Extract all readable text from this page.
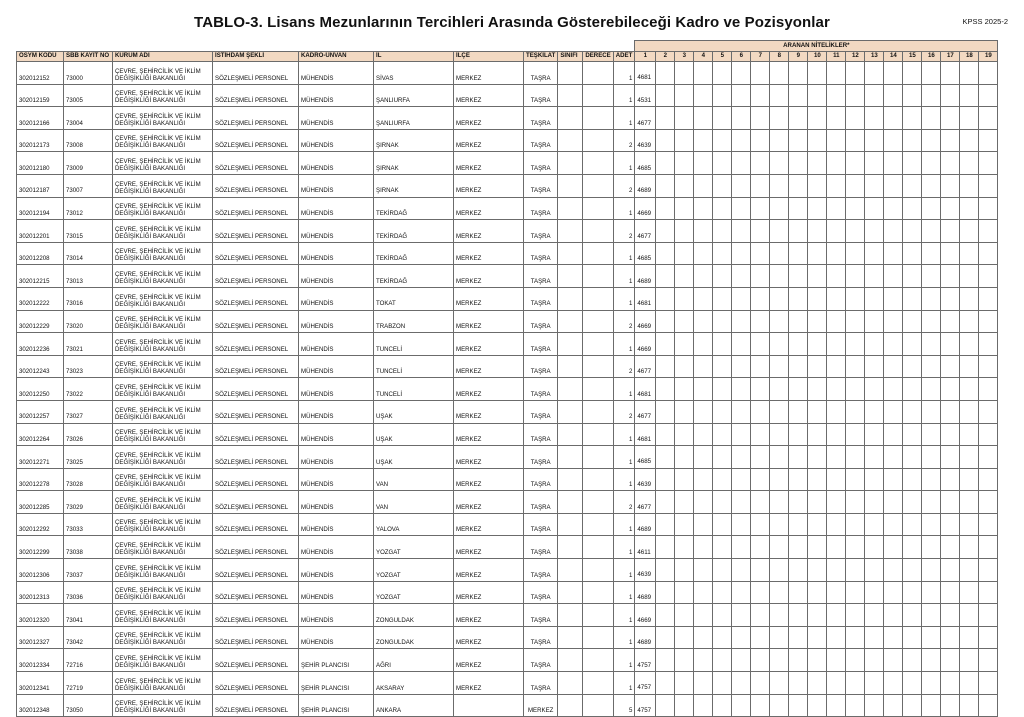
TABLO-3. Lisans Mezunlarının Tercihleri Arasında Gösterebileceği Kadro ve Pozisyonlar	KPSS 2025-2
											ARANAN NİTELİKLER*																		
ÖSYM KODU	SBB KAYIT NO	KURUM ADI	İSTİHDAM ŞEKLİ	KADRO-ÜNVAN	İL	İLÇE	TEŞKİLAT	SINIFI	DERECE	ADET	1	2	3	4	5	6	7	8	9	10	11	12	13	14	15	16	17	18	19
302012152	73000	ÇEVRE, ŞEHİRCİLİK VE İKLİM
DEĞİŞİKLİĞİ BAKANLIĞI	SÖZLEŞMELİ PERSONEL	MÜHENDİS	SİVAS	MERKEZ	TAŞRA			1	4681																		
302012159	73005	ÇEVRE, ŞEHİRCİLİK VE İKLİM
DEĞİŞİKLİĞİ BAKANLIĞI	SÖZLEŞMELİ PERSONEL	MÜHENDİS	ŞANLIURFA	MERKEZ	TAŞRA			1	4531																		
302012166	73004	ÇEVRE, ŞEHİRCİLİK VE İKLİM
DEĞİŞİKLİĞİ BAKANLIĞI	SÖZLEŞMELİ PERSONEL	MÜHENDİS	ŞANLIURFA	MERKEZ	TAŞRA			1	4677																		
302012173	73008	ÇEVRE, ŞEHİRCİLİK VE İKLİM
DEĞİŞİKLİĞİ BAKANLIĞI	SÖZLEŞMELİ PERSONEL	MÜHENDİS	ŞIRNAK	MERKEZ	TAŞRA			2	4639																		
302012180	73009	ÇEVRE, ŞEHİRCİLİK VE İKLİM
DEĞİŞİKLİĞİ BAKANLIĞI	SÖZLEŞMELİ PERSONEL	MÜHENDİS	ŞIRNAK	MERKEZ	TAŞRA			1	4685																		
302012187	73007	ÇEVRE, ŞEHİRCİLİK VE İKLİM
DEĞİŞİKLİĞİ BAKANLIĞI	SÖZLEŞMELİ PERSONEL	MÜHENDİS	ŞIRNAK	MERKEZ	TAŞRA			2	4689																		
302012194	73012	ÇEVRE, ŞEHİRCİLİK VE İKLİM
DEĞİŞİKLİĞİ BAKANLIĞI	SÖZLEŞMELİ PERSONEL	MÜHENDİS	TEKİRDAĞ	MERKEZ	TAŞRA			1	4669																		
302012201	73015	ÇEVRE, ŞEHİRCİLİK VE İKLİM
DEĞİŞİKLİĞİ BAKANLIĞI	SÖZLEŞMELİ PERSONEL	MÜHENDİS	TEKİRDAĞ	MERKEZ	TAŞRA			2	4677																		
302012208	73014	ÇEVRE, ŞEHİRCİLİK VE İKLİM
DEĞİŞİKLİĞİ BAKANLIĞI	SÖZLEŞMELİ PERSONEL	MÜHENDİS	TEKİRDAĞ	MERKEZ	TAŞRA			1	4685																		
302012215	73013	ÇEVRE, ŞEHİRCİLİK VE İKLİM
DEĞİŞİKLİĞİ BAKANLIĞI	SÖZLEŞMELİ PERSONEL	MÜHENDİS	TEKİRDAĞ	MERKEZ	TAŞRA			1	4689																		
302012222	73016	ÇEVRE, ŞEHİRCİLİK VE İKLİM
DEĞİŞİKLİĞİ BAKANLIĞI	SÖZLEŞMELİ PERSONEL	MÜHENDİS	TOKAT	MERKEZ	TAŞRA			1	4681																		
302012229	73020	ÇEVRE, ŞEHİRCİLİK VE İKLİM
DEĞİŞİKLİĞİ BAKANLIĞI	SÖZLEŞMELİ PERSONEL	MÜHENDİS	TRABZON	MERKEZ	TAŞRA			2	4669																		
302012236	73021	ÇEVRE, ŞEHİRCİLİK VE İKLİM
DEĞİŞİKLİĞİ BAKANLIĞI	SÖZLEŞMELİ PERSONEL	MÜHENDİS	TUNCELİ	MERKEZ	TAŞRA			1	4669																		
302012243	73023	ÇEVRE, ŞEHİRCİLİK VE İKLİM
DEĞİŞİKLİĞİ BAKANLIĞI	SÖZLEŞMELİ PERSONEL	MÜHENDİS	TUNCELİ	MERKEZ	TAŞRA			2	4677																		
302012250	73022	ÇEVRE, ŞEHİRCİLİK VE İKLİM
DEĞİŞİKLİĞİ BAKANLIĞI	SÖZLEŞMELİ PERSONEL	MÜHENDİS	TUNCELİ	MERKEZ	TAŞRA			1	4681																		
302012257	73027	ÇEVRE, ŞEHİRCİLİK VE İKLİM
DEĞİŞİKLİĞİ BAKANLIĞI	SÖZLEŞMELİ PERSONEL	MÜHENDİS	UŞAK	MERKEZ	TAŞRA			2	4677																		
302012264	73026	ÇEVRE, ŞEHİRCİLİK VE İKLİM
DEĞİŞİKLİĞİ BAKANLIĞI	SÖZLEŞMELİ PERSONEL	MÜHENDİS	UŞAK	MERKEZ	TAŞRA			1	4681																		
302012271	73025	ÇEVRE, ŞEHİRCİLİK VE İKLİM
DEĞİŞİKLİĞİ BAKANLIĞI	SÖZLEŞMELİ PERSONEL	MÜHENDİS	UŞAK	MERKEZ	TAŞRA			1	4685																		
302012278	73028	ÇEVRE, ŞEHİRCİLİK VE İKLİM
DEĞİŞİKLİĞİ BAKANLIĞI	SÖZLEŞMELİ PERSONEL	MÜHENDİS	VAN	MERKEZ	TAŞRA			1	4639																		
302012285	73029	ÇEVRE, ŞEHİRCİLİK VE İKLİM
DEĞİŞİKLİĞİ BAKANLIĞI	SÖZLEŞMELİ PERSONEL	MÜHENDİS	VAN	MERKEZ	TAŞRA			2	4677																		
302012292	73033	ÇEVRE, ŞEHİRCİLİK VE İKLİM
DEĞİŞİKLİĞİ BAKANLIĞI	SÖZLEŞMELİ PERSONEL	MÜHENDİS	YALOVA	MERKEZ	TAŞRA			1	4689																		
302012299	73038	ÇEVRE, ŞEHİRCİLİK VE İKLİM
DEĞİŞİKLİĞİ BAKANLIĞI	SÖZLEŞMELİ PERSONEL	MÜHENDİS	YOZGAT	MERKEZ	TAŞRA			1	4611																		
302012306	73037	ÇEVRE, ŞEHİRCİLİK VE İKLİM
DEĞİŞİKLİĞİ BAKANLIĞI	SÖZLEŞMELİ PERSONEL	MÜHENDİS	YOZGAT	MERKEZ	TAŞRA			1	4639																		
302012313	73036	ÇEVRE, ŞEHİRCİLİK VE İKLİM
DEĞİŞİKLİĞİ BAKANLIĞI	SÖZLEŞMELİ PERSONEL	MÜHENDİS	YOZGAT	MERKEZ	TAŞRA			1	4689																		
302012320	73041	ÇEVRE, ŞEHİRCİLİK VE İKLİM
DEĞİŞİKLİĞİ BAKANLIĞI	SÖZLEŞMELİ PERSONEL	MÜHENDİS	ZONGULDAK	MERKEZ	TAŞRA			1	4669																		
302012327	73042	ÇEVRE, ŞEHİRCİLİK VE İKLİM
DEĞİŞİKLİĞİ BAKANLIĞI	SÖZLEŞMELİ PERSONEL	MÜHENDİS	ZONGULDAK	MERKEZ	TAŞRA			1	4689																		
302012334	72716	ÇEVRE, ŞEHİRCİLİK VE İKLİM
DEĞİŞİKLİĞİ BAKANLIĞI	SÖZLEŞMELİ PERSONEL	ŞEHİR PLANCISI	AĞRI	MERKEZ	TAŞRA			1	4757																		
302012341	72719	ÇEVRE, ŞEHİRCİLİK VE İKLİM
DEĞİŞİKLİĞİ BAKANLIĞI	SÖZLEŞMELİ PERSONEL	ŞEHİR PLANCISI	AKSARAY	MERKEZ	TAŞRA			1	4757																		
302012348	73050	ÇEVRE, ŞEHİRCİLİK VE İKLİM
DEĞİŞİKLİĞİ BAKANLIĞI	SÖZLEŞMELİ PERSONEL	ŞEHİR PLANCISI	ANKARA		MERKEZ			5	4757																		
